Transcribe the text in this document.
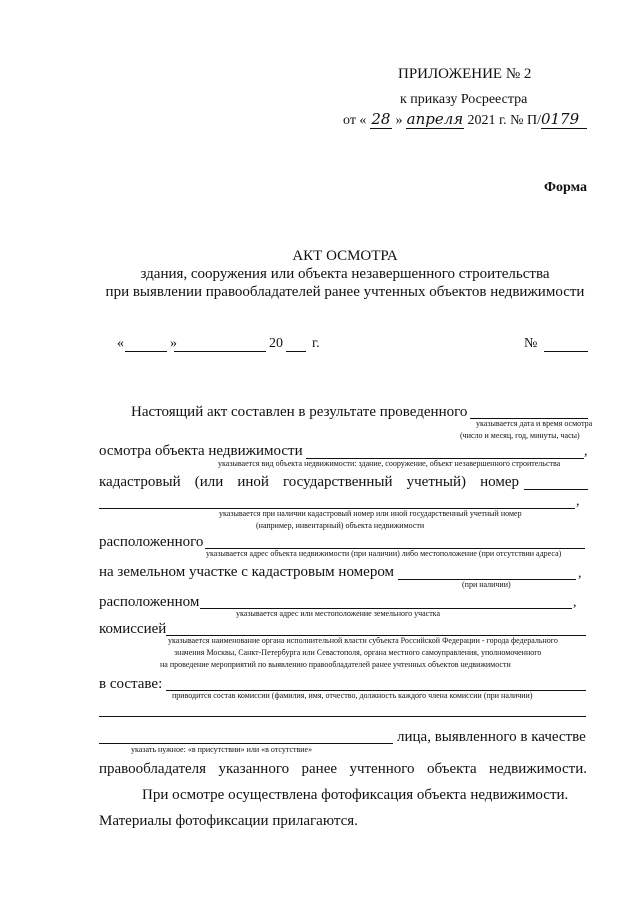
ПРИЛОЖЕНИЕ № 2
к приказу Росреестра
от « 28 » апреля 2021 г. № П/0179
Форма
АКТ ОСМОТРА
здания, сооружения или объекта незавершенного строительства
при выявлении правообладателей ранее учтенных объектов недвижимости
«	»	20 г.	№
Настоящий акт составлен в результате проведенного
указывается дата и время осмотра
(число и месяц, год, минуты, часы)
осмотра объекта недвижимости	,
указывается вид объекта недвижимости: здание, сооружение, объект незавершенного строительства
кадастровый (или иной государственный учетный) номер
,
указывается при наличии кадастровый номер или иной государственный учетный номер
(например, инвентарный) объекта недвижимости
расположенного
указывается адрес объекта недвижимости (при наличии) либо местоположение (при отсутствии адреса)
на земельном участке с кадастровым номером	,
(при наличии)
расположенном	,
указывается адрес или местоположение земельного участка
комиссией
указывается наименование органа исполнительной власти субъекта Российской Федерации - города федерального
значения Москвы, Санкт-Петербурга или Севастополя, органа местного самоуправления, уполномоченного
на проведение мероприятий по выявлению правообладателей ранее учтенных объектов недвижимости
в составе:
приводится состав комиссии (фамилия, имя, отчество, должность каждого члена комиссии (при наличии)
лица, выявленного в качестве
указать нужное: «в присутствии» или «в отсутствие»
правообладателя указанного ранее учтенного объекта недвижимости.
При осмотре осуществлена фотофиксация объекта недвижимости.
Материалы фотофиксации прилагаются.
